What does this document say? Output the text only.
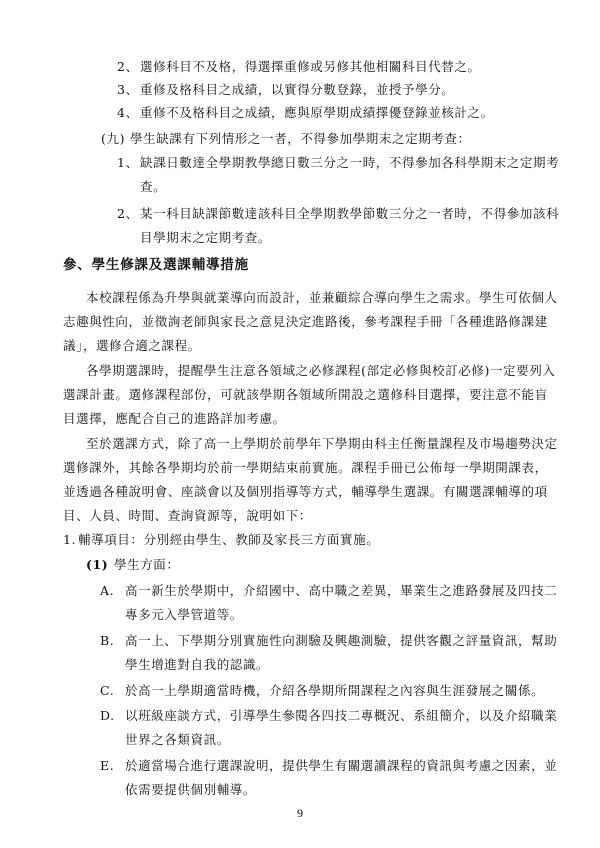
2、 選修科目不及格，得選擇重修或另修其他相關科目代替之。
3、 重修及格科目之成績，以實得分數登錄，並授予學分。
4、 重修不及格科目之成績，應與原學期成績擇優登錄並核計之。
(九) 學生缺課有下列情形之一者，不得參加學期末之定期考查：
1、 缺課日數達全學期教學總日數三分之一時，不得參加各科學期末之定期考
查。
2、 某一科目缺課節數達該科目全學期教學節數三分之一者時，不得參加該科
目學期末之定期考查。
參、學生修課及選課輔導措施
本校課程係為升學與就業導向而設計，並兼顧綜合導向學生之需求。學生可依個人
志趣與性向，並徵詢老師與家長之意見決定進路後，參考課程手冊「各種進路修課建
議」，選修合適之課程。
各學期選課時，提醒學生注意各領域之必修課程(部定必修與校訂必修)一定要列入
選課計畫。選修課程部份，可就該學期各領域所開設之選修科目選擇，要注意不能盲
目選擇，應配合自己的進路詳加考慮。
至於選課方式，除了高一上學期於前學年下學期由科主任衡量課程及市場趨勢決定
選修課外，其餘各學期均於前一學期結束前實施。課程手冊已公佈每一學期開課表，
並透過各種說明會、座談會以及個別指導等方式，輔導學生選課。有關選課輔導的項
目、人員、時間、查詢資源等，說明如下：
1. 輔導項目：分別經由學生、教師及家長三方面實施。
(1) 學生方面：
A. 高一新生於學期中，介紹國中、高中職之差異，畢業生之進路發展及四技二
專多元入學管道等。
B. 高一上、下學期分別實施性向測驗及興趣測驗，提供客觀之評量資訊，幫助
學生增進對自我的認識。
C. 於高一上學期適當時機，介紹各學期所開課程之內容與生涯發展之關係。
D. 以班級座談方式，引導學生參閱各四技二專概況、系組簡介，以及介紹職業
世界之各類資訊。
E. 於適當場合進行選課說明，提供學生有關選讀課程的資訊與考慮之因素，並
依需要提供個別輔導。
9
